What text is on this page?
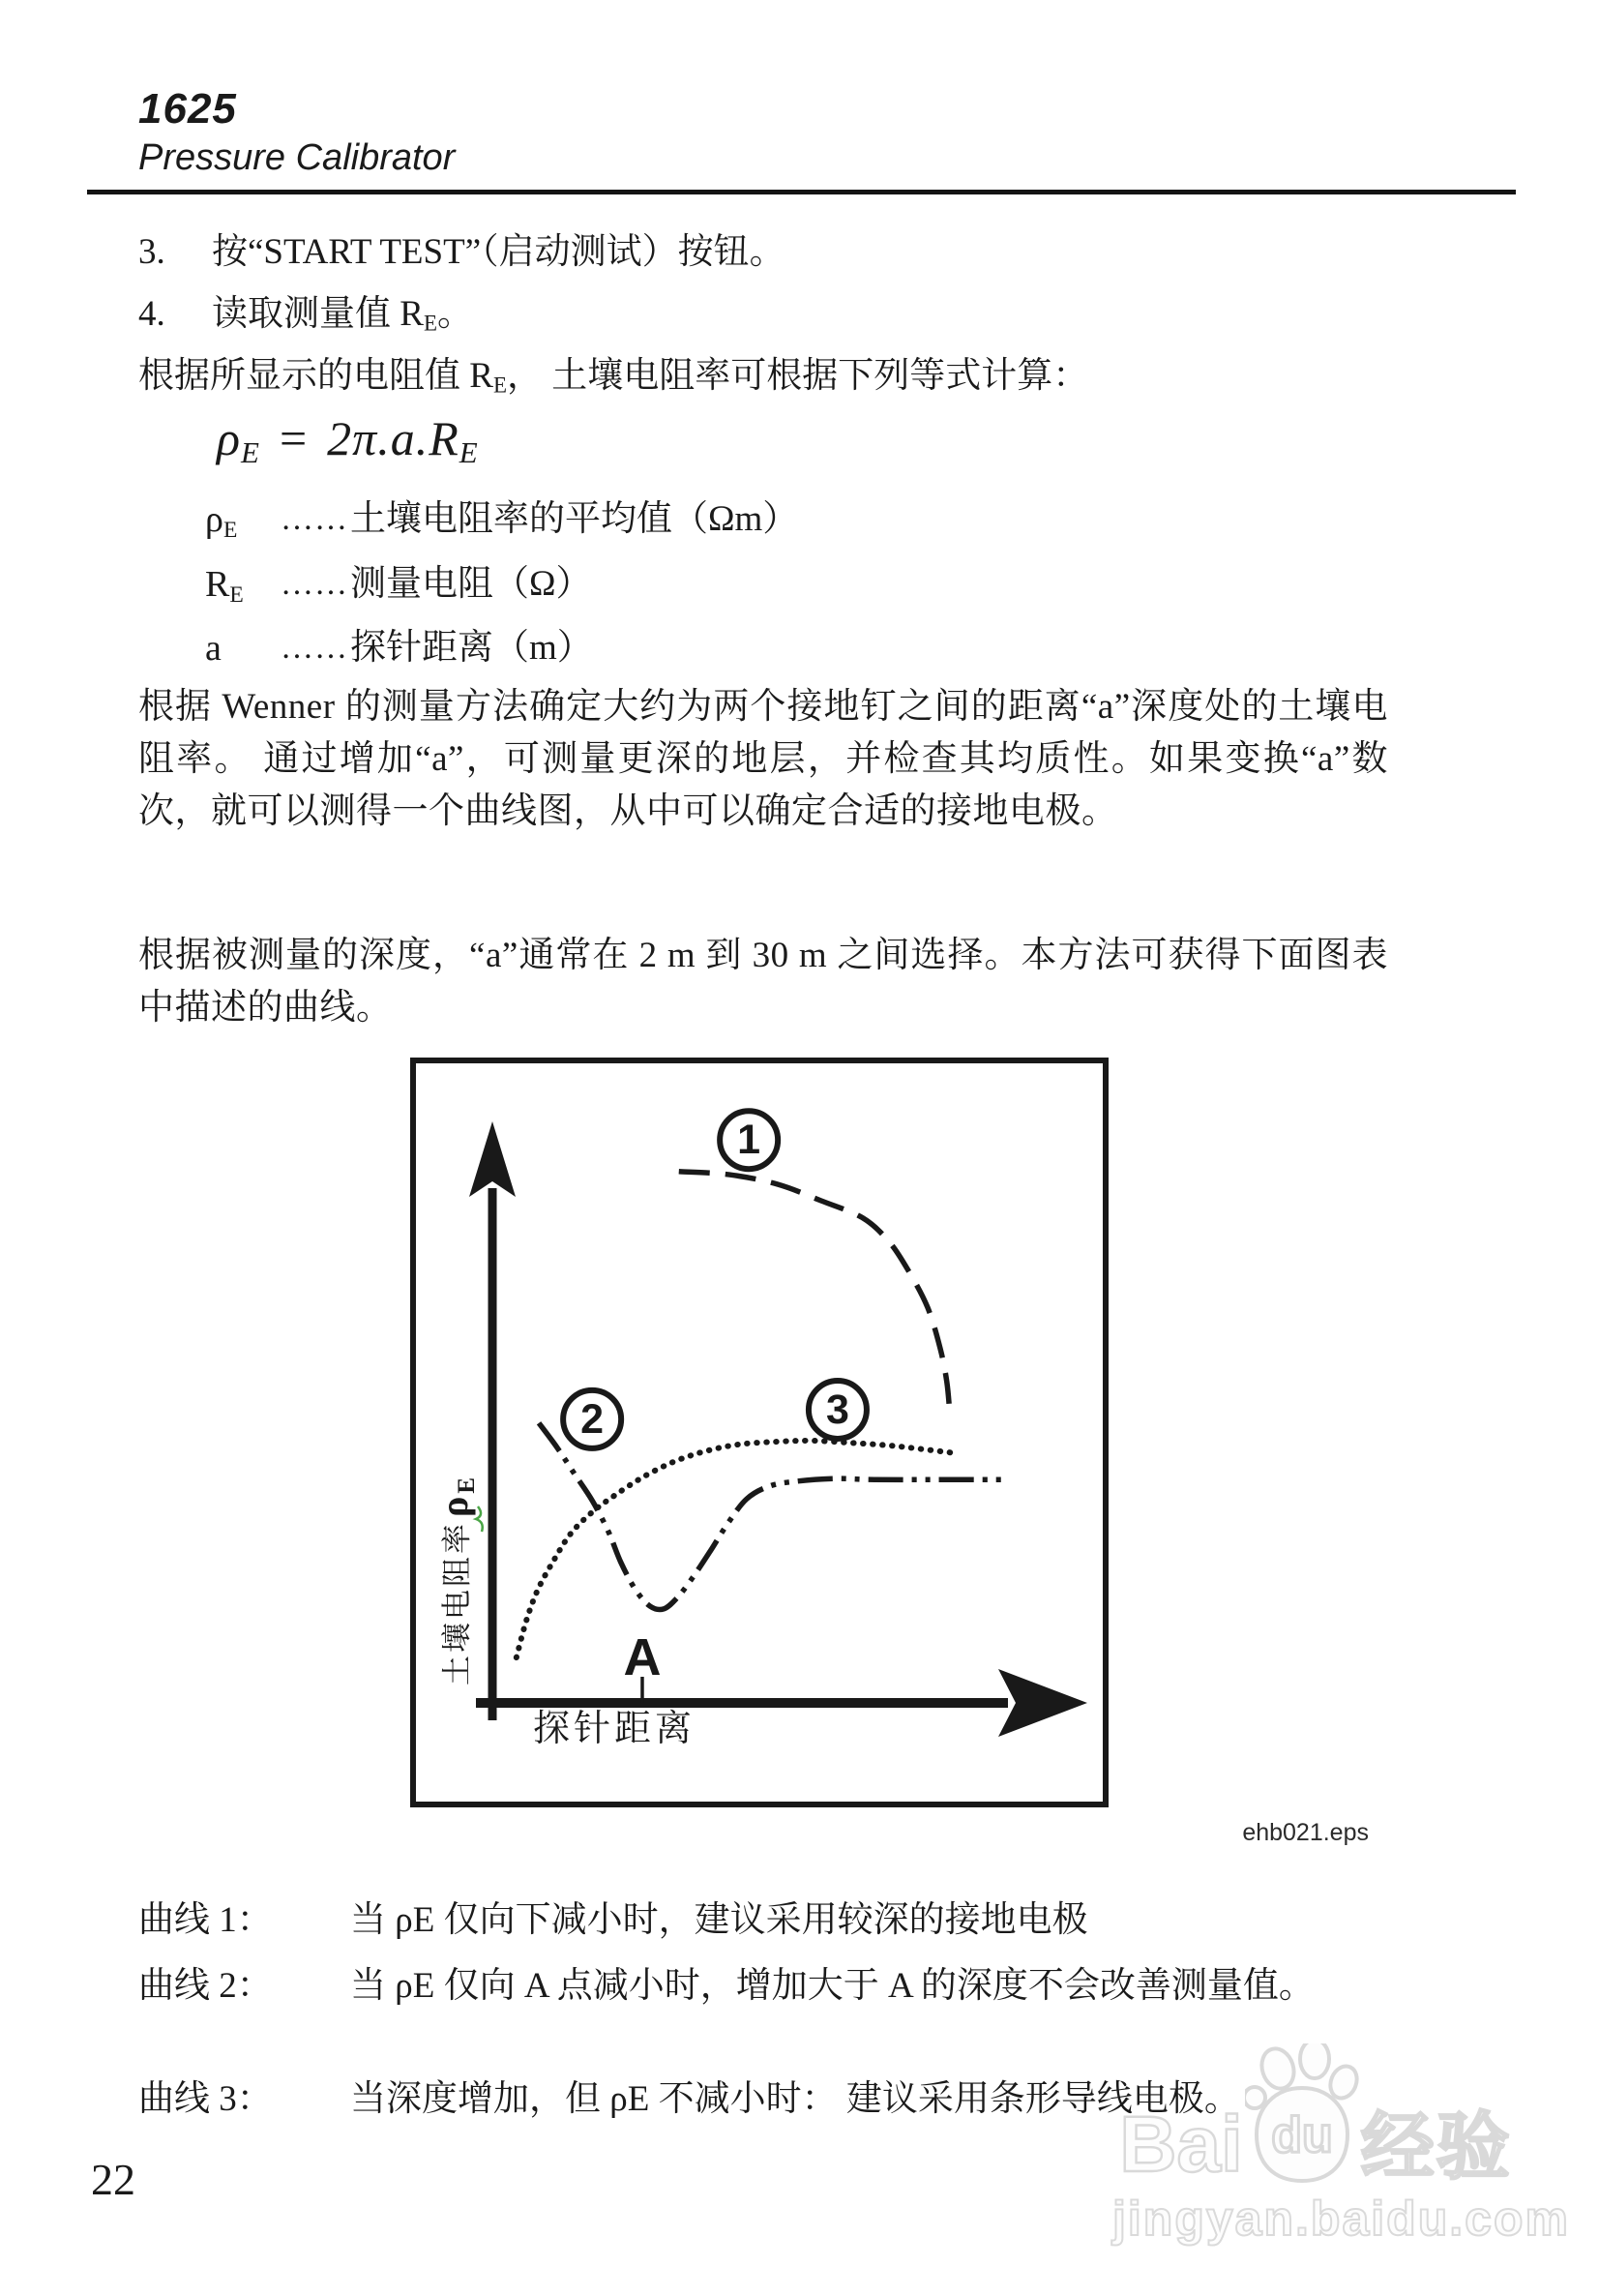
1625
Pressure Calibrator
3.	按“START TEST”（启动测试）按钮。
4.	读取测量值 $R_E$。
根据所显示的电阻值 $R_E$， 土壤电阻率可根据下列等式计算：
$\rho_E = 2\pi.a.R_E$
$\rho_E$	…… 土壤电阻率的平均值（Ωm）
$R_E$	…… 测量电阻（Ω）
a	…… 探针距离（m）
根据 Wenner 的测量方法确定大约为两个接地钉之间的距离“a”深度处的土壤电阻率。 通过增加“a”，可测量更深的地层，并检查其均质性。如果变换“a”数次，就可以测得一个曲线图，从中可以确定合适的接地电极。
根据被测量的深度，“a”通常在 2 m 到 30 m 之间选择。本方法可获得下面图表中描述的曲线。
探针距离
土壤电阻率$\rho_E$
1
2	3
A
ehb021.eps
曲线 1：	当 ρE 仅向下减小时，建议采用较深的接地电极
曲线 2：	当 ρE 仅向 A 点减小时，增加大于 A 的深度不会改善测量值。
曲线 3：	当深度增加，但 ρE 不减小时： 建议采用条形导线电极。
22	Bai du 经验
jingyan.baidu.com
